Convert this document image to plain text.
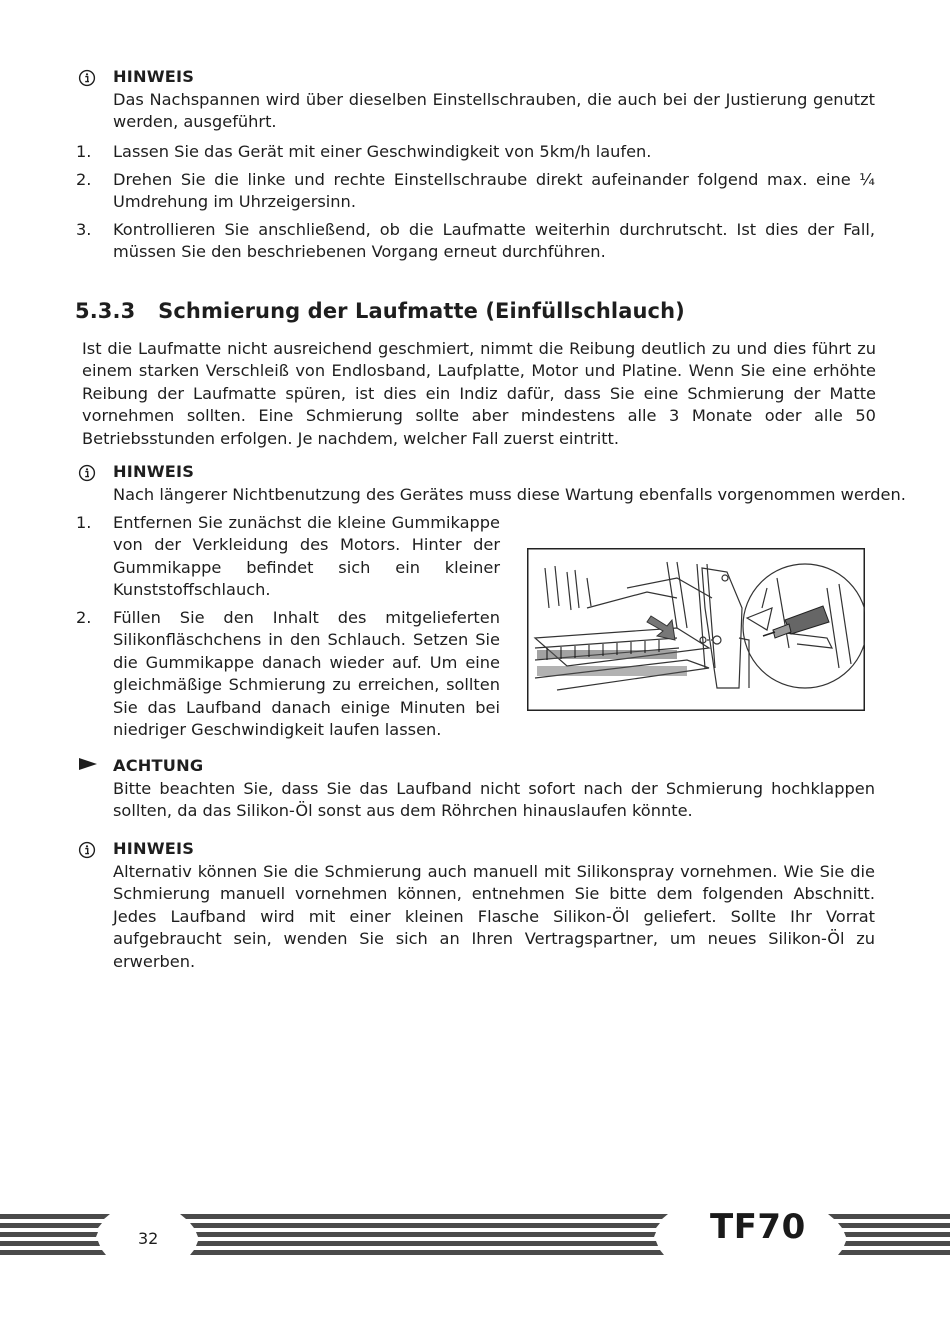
HINWEIS
Das Nachspannen wird über dieselben Einstellschrauben, die auch bei der Justierung genutzt werden, ausgeführt.
1.	Lassen Sie das Gerät mit einer Geschwindigkeit von 5km/h laufen.
2.	Drehen Sie die linke und rechte Einstellschraube direkt aufeinander folgend max. eine ¼ Umdrehung im Uhrzeigersinn.
3.	Kontrollieren Sie anschließend, ob die Laufmatte weiterhin durchrutscht. Ist dies der Fall, müssen Sie den beschriebenen Vorgang erneut durchführen.
5.3.3 Schmierung der Laufmatte (Einfüllschlauch)
Ist die Laufmatte nicht ausreichend geschmiert, nimmt die Reibung deutlich zu und dies führt zu einem starken Verschleiß von Endlosband, Laufplatte, Motor und Platine. Wenn Sie eine erhöhte Reibung der Laufmatte spüren, ist dies ein Indiz dafür, dass Sie eine Schmierung der Matte vornehmen sollten. Eine Schmierung sollte aber mindestens alle 3 Monate oder alle 50 Betriebsstunden erfolgen. Je nachdem, welcher Fall zuerst eintritt.
HINWEIS
Nach längerer Nichtbenutzung des Gerätes muss diese Wartung ebenfalls vorgenommen werden.
1.	Entfernen Sie zunächst die kleine Gummikappe von der Verkleidung des Motors. Hinter der Gummikappe befindet sich ein kleiner Kunststoffschlauch.
2.	Füllen Sie den Inhalt des mitgelieferten Silikonfläschchens in den Schlauch. Setzen Sie die Gummikappe danach wieder auf. Um eine gleichmäßige Schmierung zu erreichen, sollten Sie das Laufband danach einige Minuten bei niedriger Geschwindigkeit laufen lassen.
ACHTUNG
Bitte beachten Sie, dass Sie das Laufband nicht sofort nach der Schmierung hochklappen sollten, da das Silikon-Öl sonst aus dem Röhrchen hinauslaufen könnte.
HINWEIS
Alternativ können Sie die Schmierung auch manuell mit Silikonspray vornehmen. Wie Sie die Schmierung manuell vornehmen können, entnehmen Sie bitte dem folgenden Abschnitt. Jedes Laufband wird mit einer kleinen Flasche Silikon-Öl geliefert. Sollte Ihr Vorrat aufgebraucht sein, wenden Sie sich an Ihren Vertragspartner, um neues Silikon-Öl zu erwerben.
32	TF70
